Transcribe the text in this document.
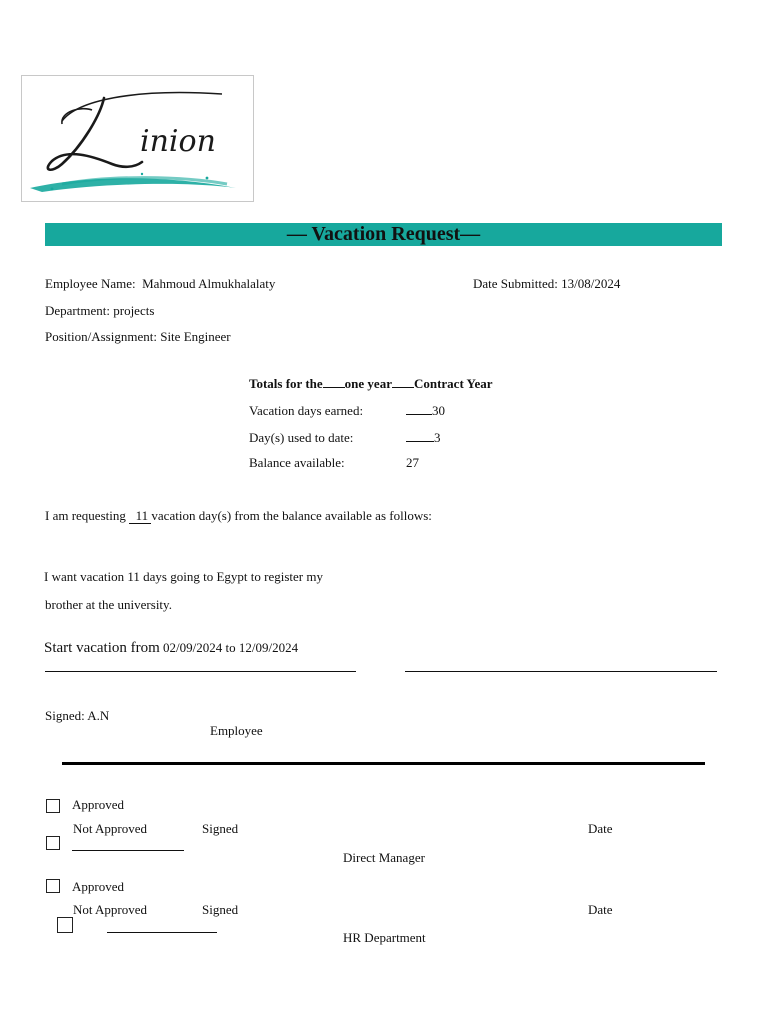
inion
— Vacation Request—
Employee Name: Mahmoud Almukhalalaty	Date Submitted: 13/08/2024
Department: projects
Position/Assignment: Site Engineer
Totals for the one year Contract Year
Vacation days earned:	30
Day(s) used to date:	3
Balance available:	27
I am requesting 11 vacation day(s) from the balance available as follows:
I want vacation 11 days going to Egypt to register my
brother at the university.
Start vacation from 02/09/2024 to 12/09/2024
Signed: A.N
Employee
Approved
Not Approved	Signed	Date
Direct Manager
Approved
Not Approved	Signed	Date
HR Department
